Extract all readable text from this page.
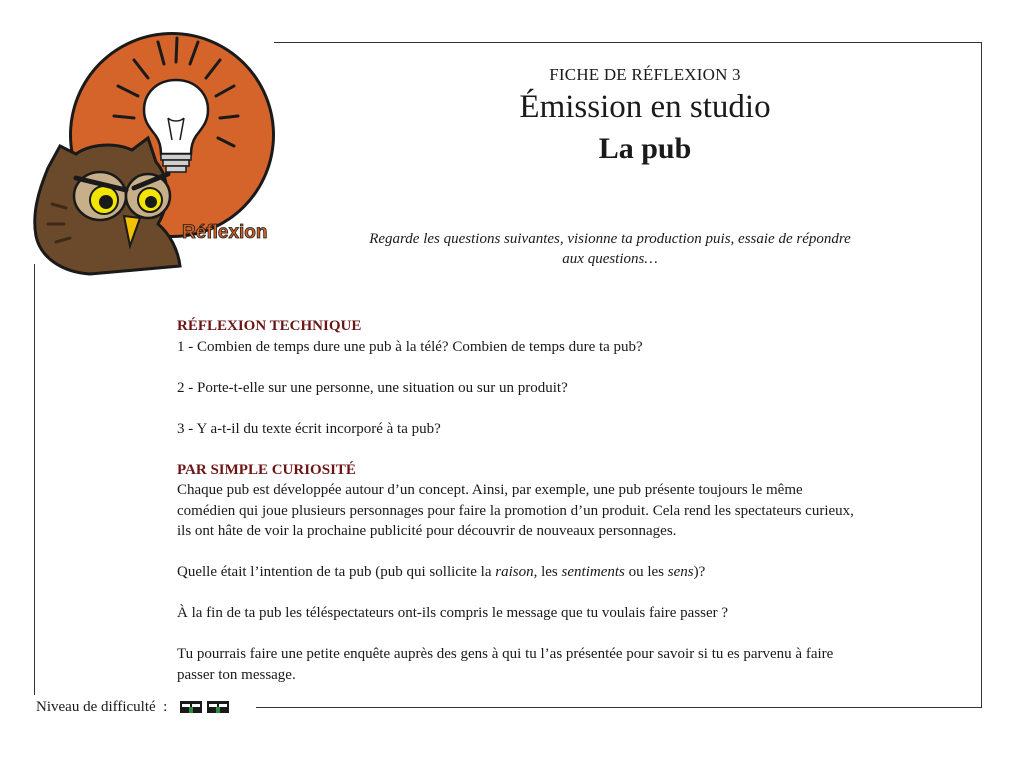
Réflexion
FICHE DE RÉFLEXION 3
Émission en studio
La pub
Regarde les questions suivantes, visionne ta production puis, essaie de répondre
aux questions…
RÉFLEXION TECHNIQUE
1 - Combien de temps dure une pub à la télé? Combien de temps dure ta pub?
2 - Porte-t-elle sur une personne, une situation ou sur un produit?
3 - Y a-t-il du texte écrit incorporé à ta pub?
PAR SIMPLE CURIOSITÉ
Chaque pub est développée autour d’un concept. Ainsi, par exemple, une pub présente toujours le même
comédien qui joue plusieurs personnages pour faire la promotion d’un produit. Cela rend les spectateurs curieux,
ils ont hâte de voir la prochaine publicité pour découvrir de nouveaux personnages.
Quelle était l’intention de ta pub (pub qui sollicite la raison, les sentiments ou les sens)?
À la fin de ta pub les téléspectateurs ont-ils compris le message que tu voulais faire passer ?
Tu pourrais faire une petite enquête auprès des gens à qui tu l’as présentée pour savoir si tu es parvenu à faire
passer ton message.
Niveau de difficulté  :
